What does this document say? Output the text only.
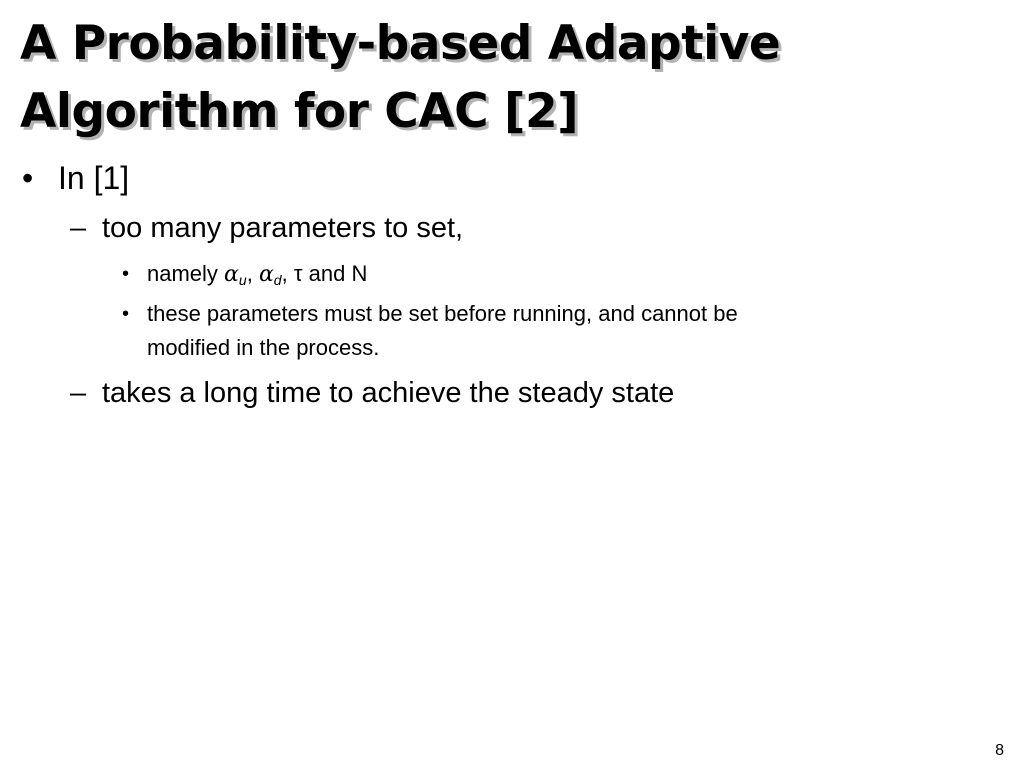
A Probability-based Adaptive
Algorithm for CAC [2]
• In [1]
– too many parameters to set,
• namely $\alpha_u$, $\alpha_d$, τ and N
• these parameters must be set before running, and cannot be
modified in the process.
– takes a long time to achieve the steady state
8
